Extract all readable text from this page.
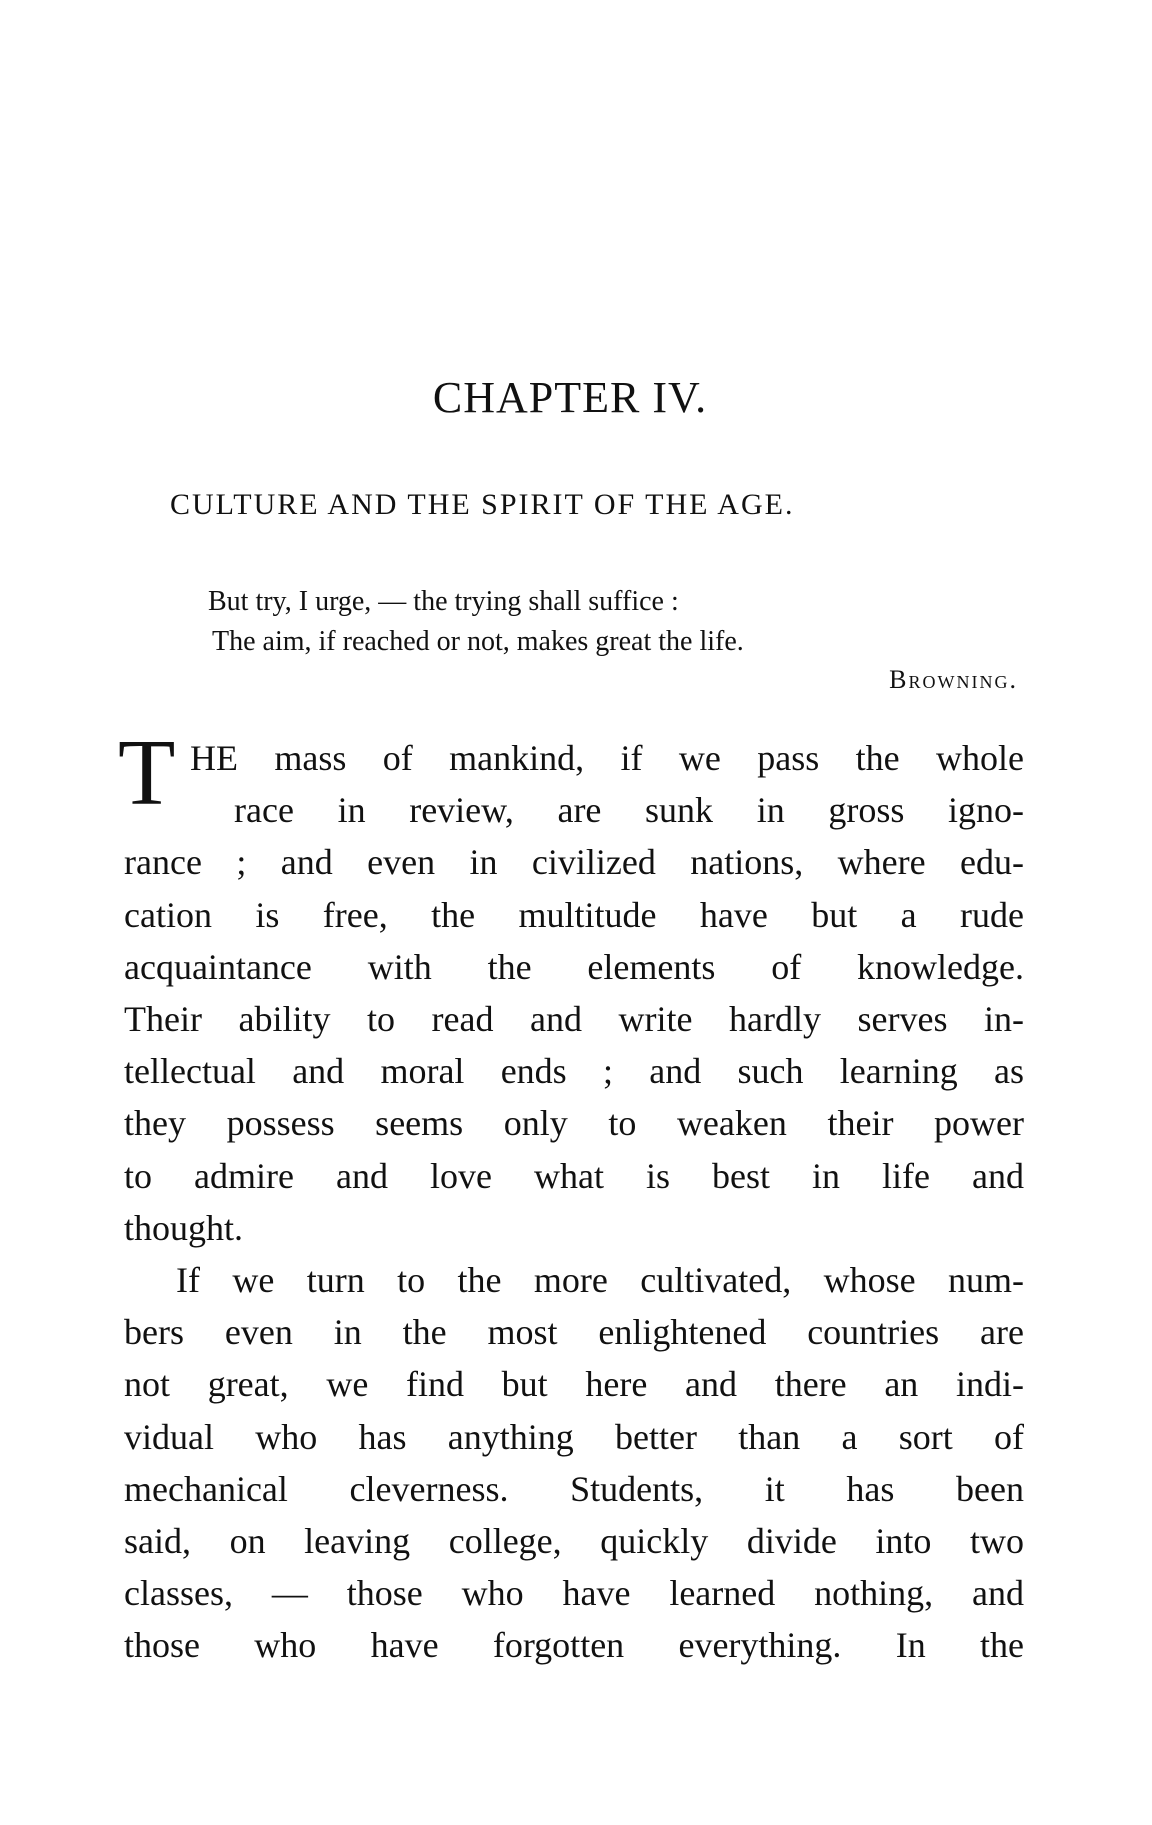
CHAPTER IV.
CULTURE AND THE SPIRIT OF THE AGE.
But try, I urge, — the trying shall suffice :
The aim, if reached or not, makes great the life.
Browning.
T HE mass of mankind, if we pass the whole
race in review, are sunk in gross igno-
rance ; and even in civilized nations, where edu-
cation is free, the multitude have but a rude
acquaintance with the elements of knowledge.
Their ability to read and write hardly serves in-
tellectual and moral ends ; and such learning as
they possess seems only to weaken their power
to admire and love what is best in life and
thought.
If we turn to the more cultivated, whose num-
bers even in the most enlightened countries are
not great, we find but here and there an indi-
vidual who has anything better than a sort of
mechanical cleverness. Students, it has been
said, on leaving college, quickly divide into two
classes, — those who have learned nothing, and
those who have forgotten everything. In the
